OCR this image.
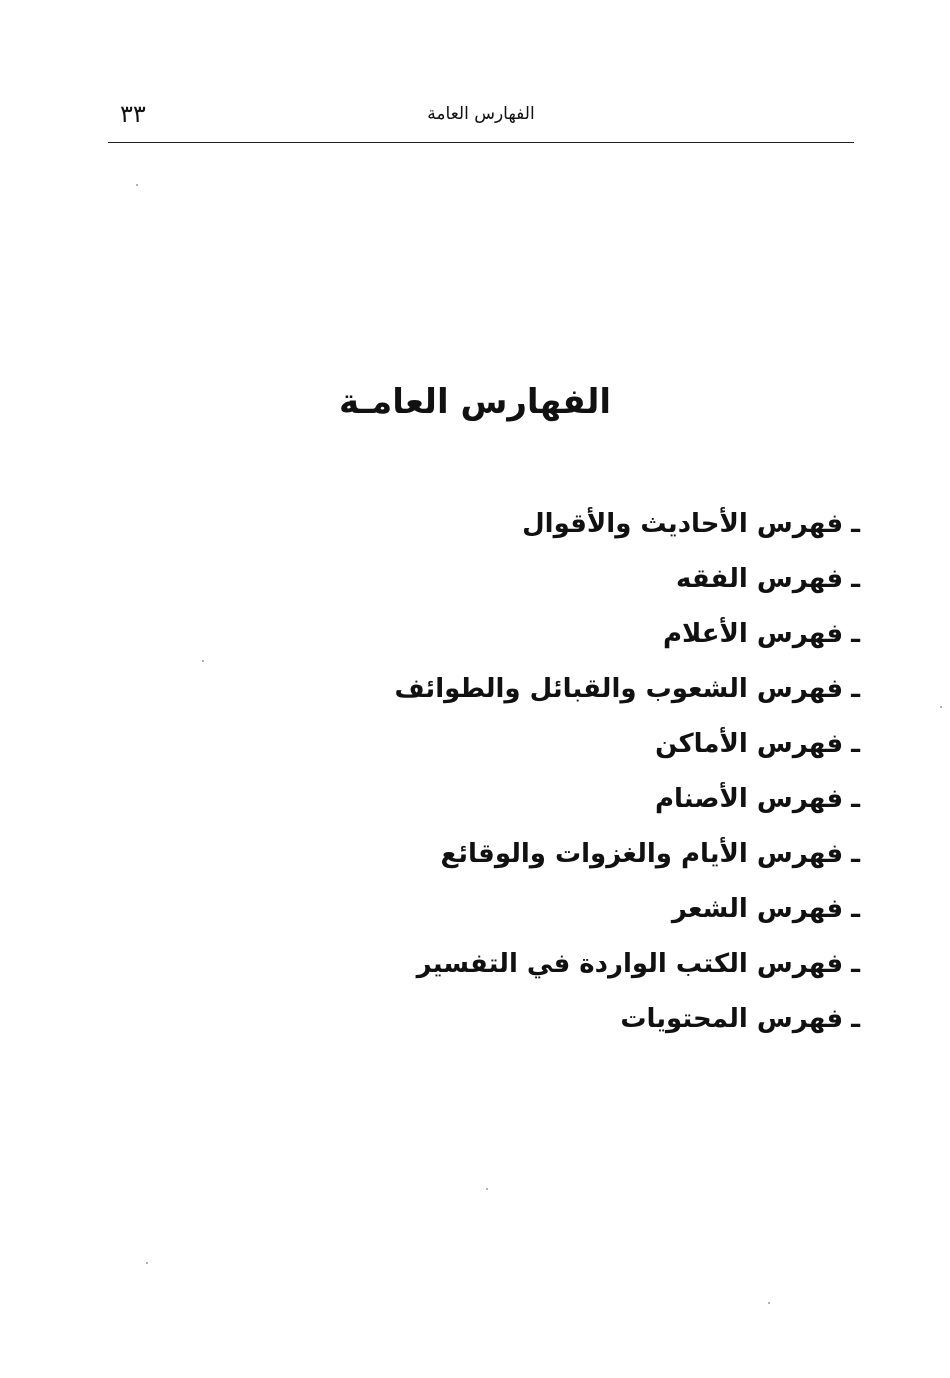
الفهارس العامة
٣٣
الفهارس العامـة
ـفهرس الأحاديث والأقوال
ـفهرس الفقه
ـفهرس الأعلام
ـفهرس الشعوب والقبائل والطوائف
ـفهرس الأماكن
ـفهرس الأصنام
ـفهرس الأيام والغزوات والوقائع
ـفهرس الشعر
ـفهرس الكتب الواردة في التفسير
ـفهرس المحتويات
